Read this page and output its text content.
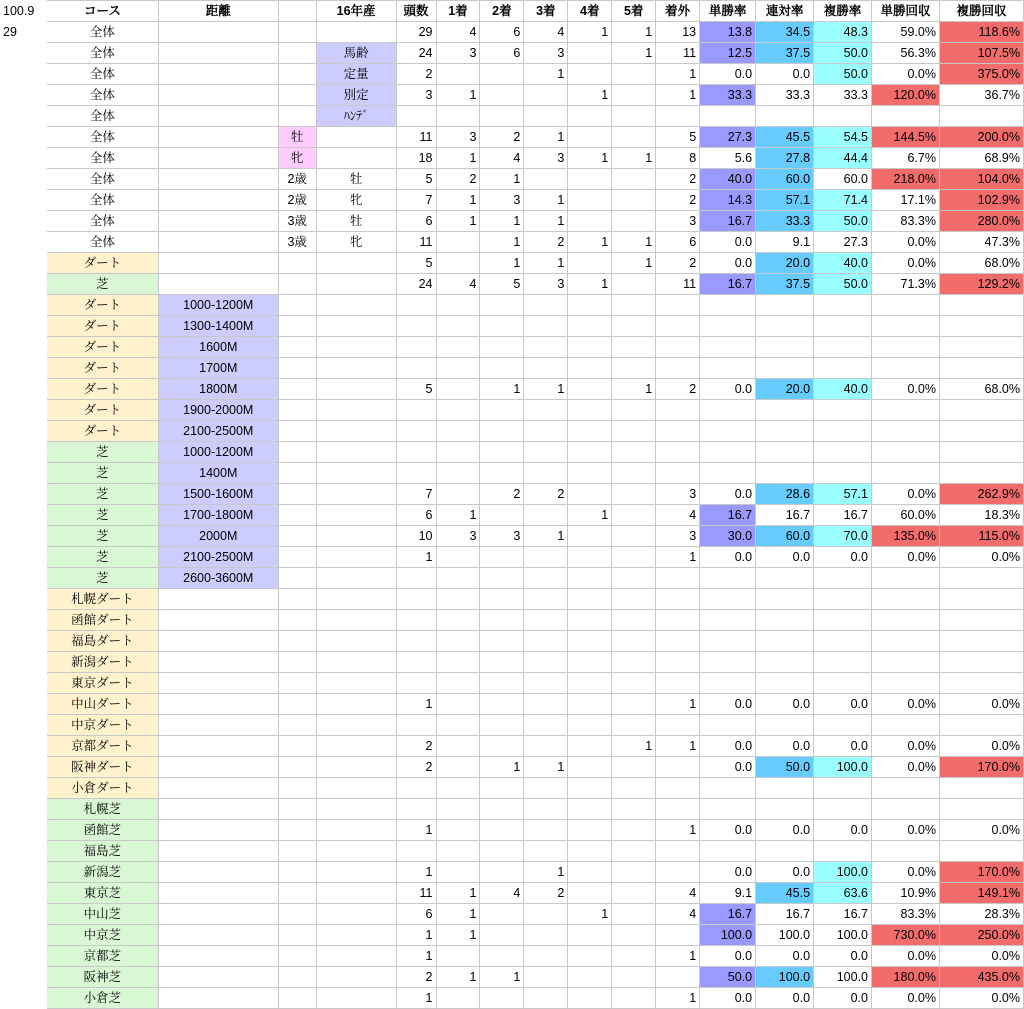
100.9	コース	距離		16年産	頭数	1着	2着	3着	4着	5着	着外	単勝率	連対率	複勝率	単勝回収	複勝回収
29	全体				29	4	6	4	1	1	13	13.8	34.5	48.3	59.0%	118.6%
	全体			馬齢	24	3	6	3		1	11	12.5	37.5	50.0	56.3%	107.5%
	全体			定量	2			1			1	0.0	0.0	50.0	0.0%	375.0%
	全体			別定	3	1			1		1	33.3	33.3	33.3	120.0%	36.7%
	全体			ﾊﾝﾃﾞ												
	全体		牡		11	3	2	1			5	27.3	45.5	54.5	144.5%	200.0%
	全体		牝		18	1	4	3	1	1	8	5.6	27.8	44.4	6.7%	68.9%
	全体		2歳	牡	5	2	1				2	40.0	60.0	60.0	218.0%	104.0%
	全体		2歳	牝	7	1	3	1			2	14.3	57.1	71.4	17.1%	102.9%
	全体		3歳	牡	6	1	1	1			3	16.7	33.3	50.0	83.3%	280.0%
	全体		3歳	牝	11		1	2	1	1	6	0.0	9.1	27.3	0.0%	47.3%
	ダート				5		1	1		1	2	0.0	20.0	40.0	0.0%	68.0%
	芝				24	4	5	3	1		11	16.7	37.5	50.0	71.3%	129.2%
	ダート	1000-1200M														
	ダート	1300-1400M														
	ダート	1600M														
	ダート	1700M														
	ダート	1800M			5		1	1		1	2	0.0	20.0	40.0	0.0%	68.0%
	ダート	1900-2000M														
	ダート	2100-2500M														
	芝	1000-1200M														
	芝	1400M														
	芝	1500-1600M			7		2	2			3	0.0	28.6	57.1	0.0%	262.9%
	芝	1700-1800M			6	1			1		4	16.7	16.7	16.7	60.0%	18.3%
	芝	2000M			10	3	3	1			3	30.0	60.0	70.0	135.0%	115.0%
	芝	2100-2500M			1						1	0.0	0.0	0.0	0.0%	0.0%
	芝	2600-3600M														
	札幌ダート															
	函館ダート															
	福島ダート															
	新潟ダート															
	東京ダート															
	中山ダート				1						1	0.0	0.0	0.0	0.0%	0.0%
	中京ダート															
	京都ダート				2					1	1	0.0	0.0	0.0	0.0%	0.0%
	阪神ダート				2		1	1				0.0	50.0	100.0	0.0%	170.0%
	小倉ダート															
	札幌芝															
	函館芝				1						1	0.0	0.0	0.0	0.0%	0.0%
	福島芝															
	新潟芝				1			1				0.0	0.0	100.0	0.0%	170.0%
	東京芝				11	1	4	2			4	9.1	45.5	63.6	10.9%	149.1%
	中山芝				6	1			1		4	16.7	16.7	16.7	83.3%	28.3%
	中京芝				1	1						100.0	100.0	100.0	730.0%	250.0%
	京都芝				1						1	0.0	0.0	0.0	0.0%	0.0%
	阪神芝				2	1	1					50.0	100.0	100.0	180.0%	435.0%
	小倉芝				1						1	0.0	0.0	0.0	0.0%	0.0%
